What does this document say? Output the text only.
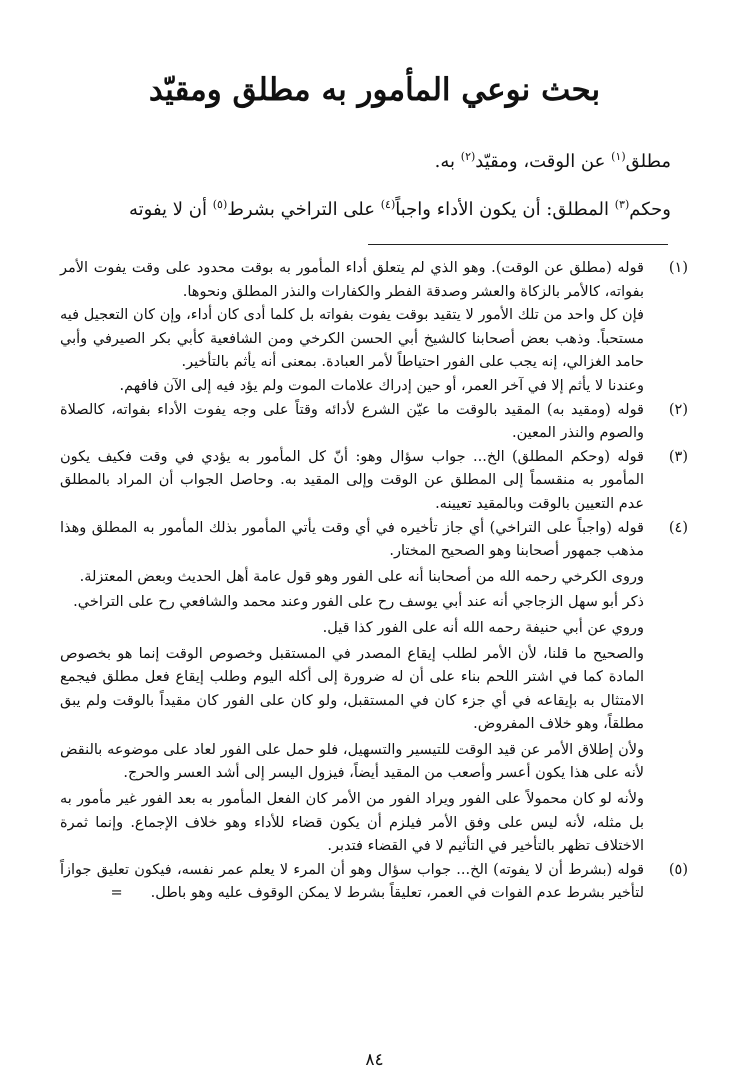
بحث نوعي المأمور به مطلق ومقيّد
مطلق$^{(١)}$ عن الوقت، ومقيّد$^{(٢)}$ به.
وحكم$^{(٣)}$ المطلق: أن يكون الأداء واجباً$^{(٤)}$ على التراخي بشرط$^{(٥)}$ أن لا يفوته
(١)

قوله (مطلق عن الوقت). وهو الذي لم يتعلق أداء المأمور به بوقت محدود على وقت يفوت الأمر بفواته، كالأمر بالزكاة والعشر وصدقة الفطر والكفارات والنذر المطلق ونحوها.

فإن كل واحد من تلك الأمور لا يتقيد بوقت يفوت بفواته بل كلما أدى كان أداء، وإن كان التعجيل فيه مستحباً. وذهب بعض أصحابنا كالشيخ أبي الحسن الكرخي ومن الشافعية كأبي بكر الصيرفي وأبي حامد الغزالي، إنه يجب على الفور احتياطاً لأمر العبادة. بمعنى أنه يأثم بالتأخير.

وعندنا لا يأثم إلا في آخر العمر، أو حين إدراك علامات الموت ولم يؤد فيه إلى الآن فافهم.

(٢)

قوله (ومقيد به) المقيد بالوقت ما عيّن الشرع لأدائه وقتاً على وجه يفوت الأداء بفواته، كالصلاة والصوم والنذر المعين.

(٣)

قوله (وحكم المطلق) الخ... جواب سؤال وهو: أنّ كل المأمور به يؤدي في وقت فكيف يكون المأمور به منقسماً إلى المطلق عن الوقت وإلى المقيد به. وحاصل الجواب أن المراد بالمطلق عدم التعيين بالوقت وبالمقيد تعيينه.

(٤)

قوله (واجباً على التراخي) أي جاز تأخيره في أي وقت يأتي المأمور بذلك المأمور به المطلق وهذا مذهب جمهور أصحابنا وهو الصحيح المختار.

وروى الكرخي رحمه الله من أصحابنا أنه على الفور وهو قول عامة أهل الحديث وبعض المعتزلة.

ذكر أبو سهل الزجاجي أنه عند أبي يوسف رح على الفور وعند محمد والشافعي رح على التراخي.

وروي عن أبي حنيفة رحمه الله أنه على الفور كذا قيل.

والصحيح ما قلنا، لأن الأمر لطلب إيقاع المصدر في المستقبل وخصوص الوقت إنما هو بخصوص المادة كما في اشتر اللحم بناء على أن له ضرورة إلى أكله اليوم وطلب إيقاع فعل مطلق فيجمع الامتثال به بإيقاعه في أي جزء كان في المستقبل، ولو كان على الفور كان مقيداً بالوقت ولم يبق مطلقاً، وهو خلاف المفروض.

ولأن إطلاق الأمر عن قيد الوقت للتيسير والتسهيل، فلو حمل على الفور لعاد على موضوعه بالنقض لأنه على هذا يكون أعسر وأصعب من المقيد أيضاً، فيزول اليسر إلى أشد العسر والحرج.

ولأنه لو كان محمولاً على الفور ويراد الفور من الأمر كان الفعل المأمور به بعد الفور غير مأمور به بل مثله، لأنه ليس على وفق الأمر فيلزم أن يكون قضاء للأداء وهو خلاف الإجماع. وإنما ثمرة الاختلاف تظهر بالتأخير في التأثيم لا في القضاء فتدبر.

(٥)

قوله (بشرط أن لا يفوته) الخ... جواب سؤال وهو أن المرء لا يعلم عمر نفسه، فيكون تعليق جوازاً لتأخير بشرط عدم الفوات في العمر، تعليقاً بشرط لا يمكن الوقوف عليه وهو باطل.=

٨٤
